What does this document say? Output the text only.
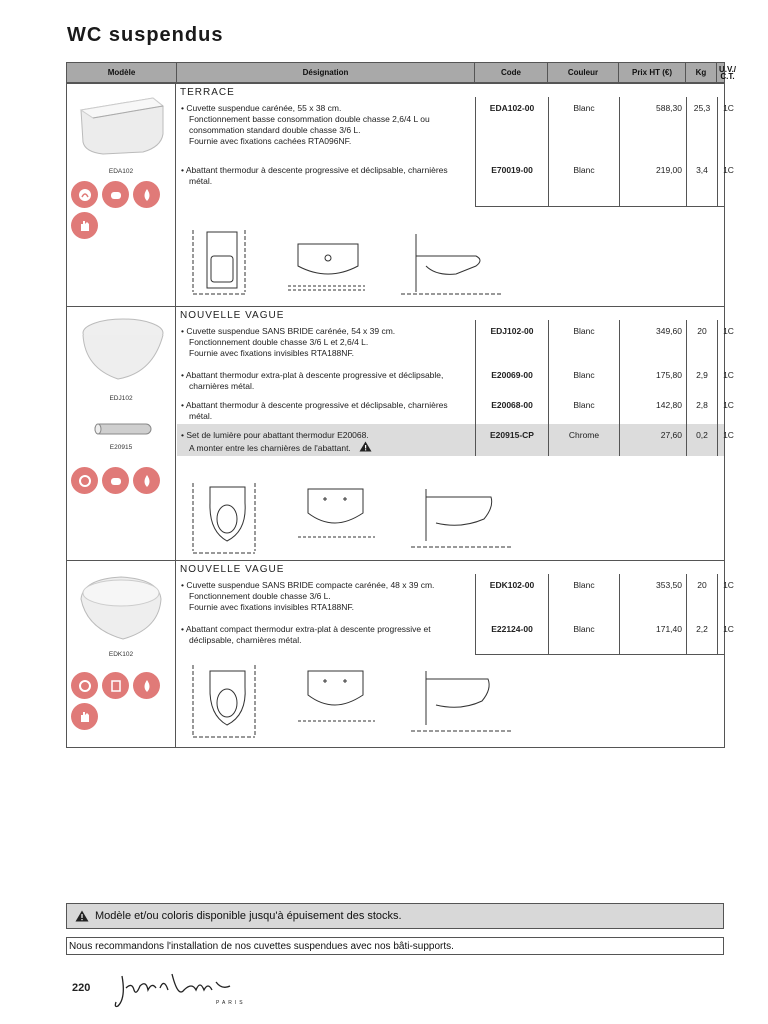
WC suspendus
Modèle	Désignation	Code	Couleur	Prix HT (€)	Kg	U.V./
C.T.
EDA102
TERRACE
• Cuvette suspendue carénée, 55 x 38 cm.
Fonctionnement basse consommation double chasse 2,6/4 L ou
consommation standard double chasse 3/6 L.
Fournie avec fixations cachées RTA096NF.
EDA102-00	Blanc	588,30	25,3	1C
• Abattant thermodur à descente progressive et déclipsable, charnières
métal.
E70019-00	Blanc	219,00	3,4	1C
EDJ102
E20915
NOUVELLE VAGUE
• Cuvette suspendue SANS BRIDE carénée, 54 x 39 cm.
Fonctionnement double chasse 3/6 L et 2,6/4 L.
Fournie avec fixations invisibles RTA188NF.
EDJ102-00	Blanc	349,60	20	1C
• Abattant thermodur extra-plat à descente progressive et déclipsable,
charnières métal.
E20069-00	Blanc	175,80	2,9	1C
• Abattant thermodur à descente progressive et déclipsable, charnières
métal.
E20068-00	Blanc	142,80	2,8	1C
• Set de lumière pour abattant thermodur E20068.
A monter entre les charnières de l'abattant.
E20915-CP	Chrome	27,60	0,2	1C
EDK102
NOUVELLE VAGUE
• Cuvette suspendue SANS BRIDE compacte carénée, 48 x 39 cm.
Fonctionnement double chasse 3/6 L.
Fournie avec fixations invisibles RTA188NF.
EDK102-00	Blanc	353,50	20	1C
• Abattant compact thermodur extra-plat à descente progressive et
déclipsable, charnières métal.
E22124-00	Blanc	171,40	2,2	1C
Modèle et/ou coloris disponible jusqu'à épuisement des stocks.
Nous recommandons l'installation de nos cuvettes suspendues avec nos bâti-supports.
220
PARIS
